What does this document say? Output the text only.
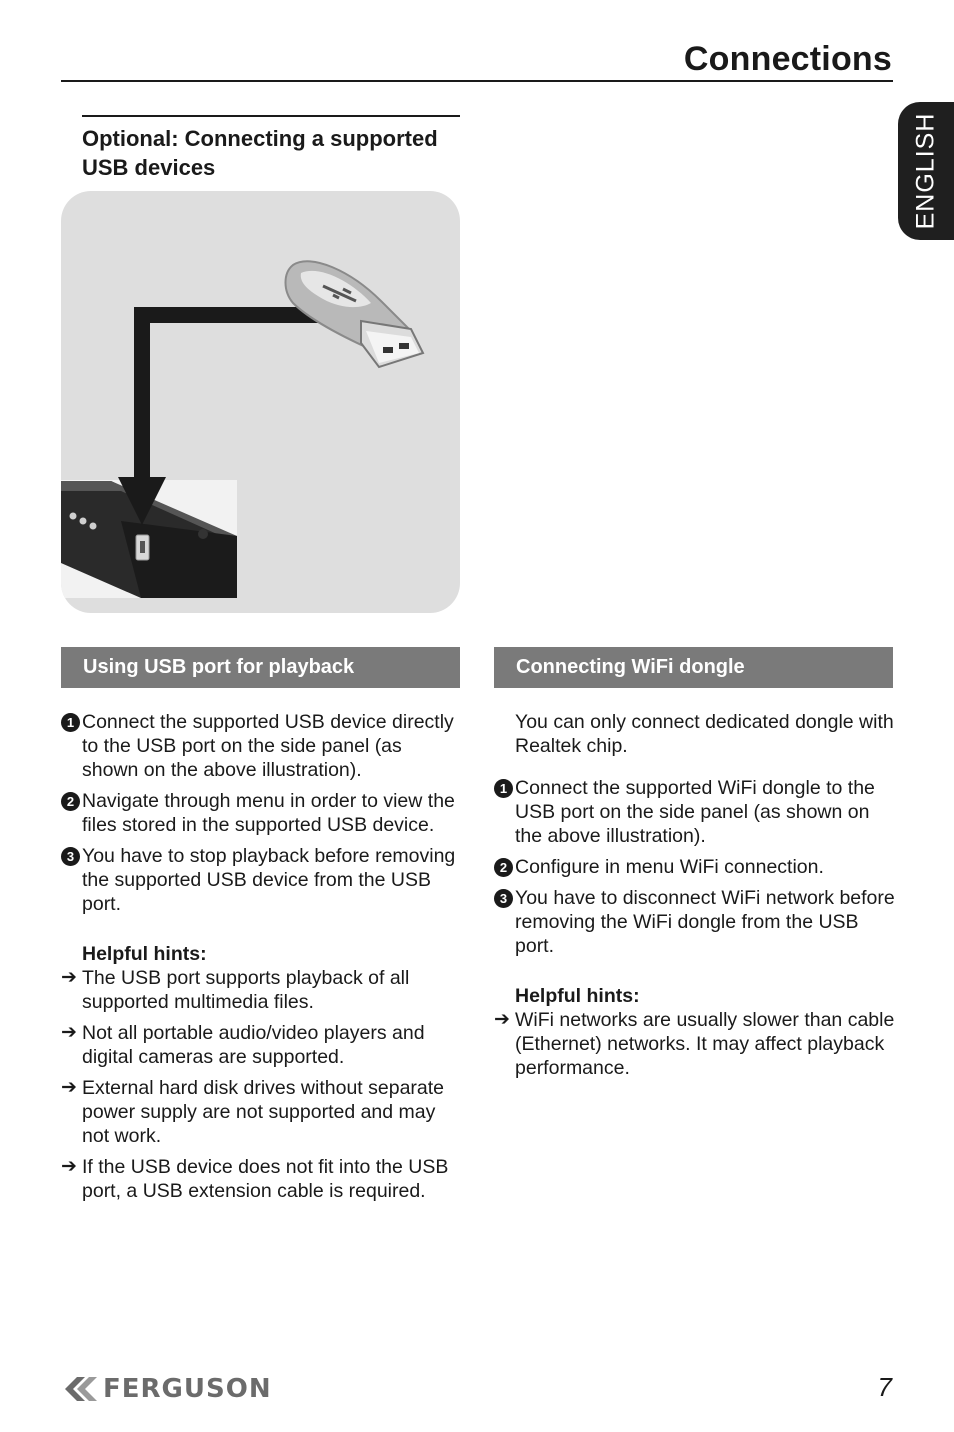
Connections
ENGLISH
Optional: Connecting a supported USB devices
Using USB port for playback	Connecting WiFi dongle
1 Connect the supported USB device directly to the USB port on the side panel (as shown on the above illustration).
2 Navigate through menu in order to view the files stored in the supported USB device.
3 You have to stop playback before removing the supported USB device from the USB port.
Helpful hints:
➔ The USB port supports playback of all supported multimedia files.
➔ Not all portable audio/video players and digital cameras are supported.
➔ External hard disk drives without separate power supply are not supported and may not work.
➔ If the USB device does not fit into the USB port, a USB extension cable is required.
You can only connect dedicated dongle with Realtek chip.
1 Connect the supported WiFi dongle to the USB port on the side panel (as shown on the above illustration).
2 Configure in menu WiFi connection.
3 You have to disconnect WiFi network before removing the WiFi dongle from the USB port.
Helpful hints:
➔ WiFi networks are usually slower than cable (Ethernet) networks. It may affect playback performance.
FERGUSON	7
